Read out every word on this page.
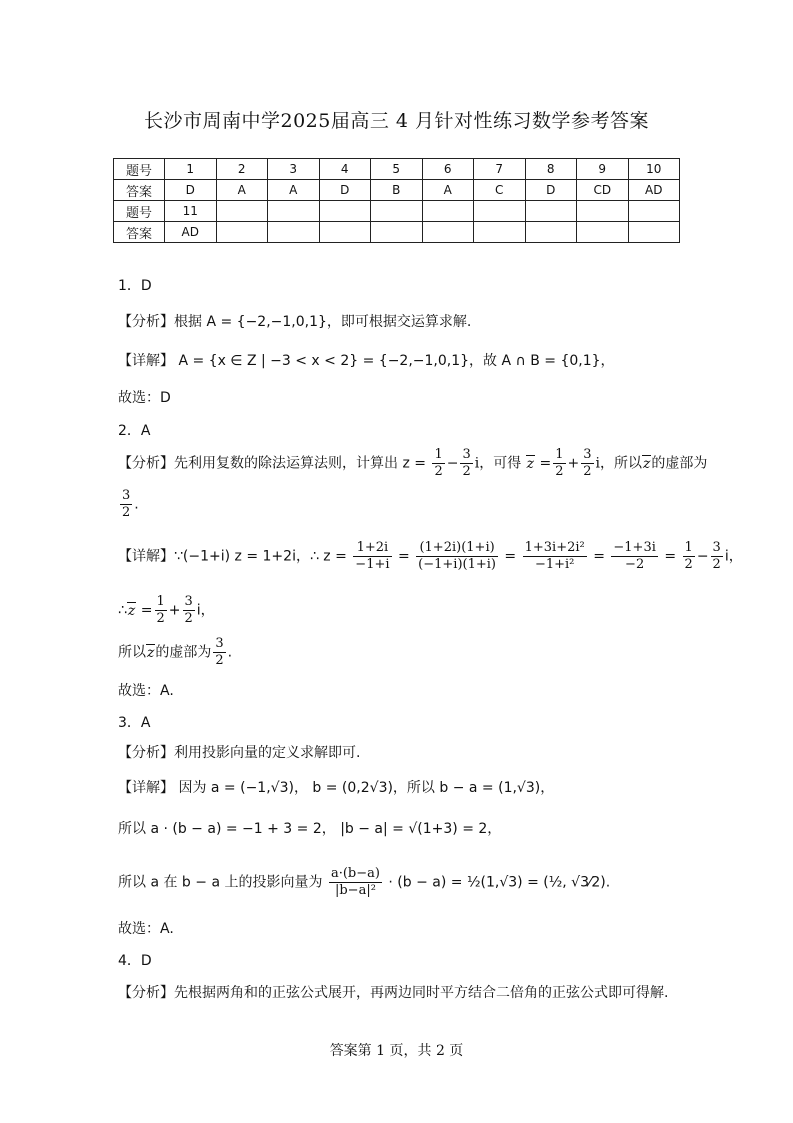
长沙市周南中学2025届高三 4 月针对性练习数学参考答案
题号	1	2	3	4	5	6	7	8	9	10
答案	D	A	A	D	B	A	C	D	CD	AD
题号	11									
答案	AD									
1．D
【分析】根据 A = {−2,−1,0,1}，即可根据交运算求解.
【详解】 A = {x ∈ Z | −3 < x < 2} = {−2,−1,0,1}，故 A ∩ B = {0,1}，
故选：D
2．A
【分析】先利用复数的除法运算法则，计算出 $z = \frac{1}{2} - \frac{3}{2}$ i，可得 $z = \frac{1}{2} + \frac{3}{2}$ i，所以z的虚部为
$\frac{3}{2}$ .
【详解】∵(−1+i) z = 1+2i，∴ $z = \frac{1+2i}{-1+i} = \frac{(1+2i)(1+i)}{(-1+i)(1+i)} = \frac{\text{1+3i+2i²}}{\text{−1+i²}} = \frac{-1+3i}{-2} = \frac{1}{2} - \frac{3}{2}$ i，
∴z = $\frac{1}{2} + \frac{3}{2}$ i，
所以z的虚部为 $\frac{3}{2}$ .
故选：A.
3．A
【分析】利用投影向量的定义求解即可.
【详解】 因为 a = (−1,√3)， b = (0,2√3)，所以 b − a = (1,√3)，
所以 a · (b − a) = −1 + 3 = 2， |b − a| = √(1+3) = 2，
所以 a 在 b − a 上的投影向量为 $\frac{a\cdot(b-a)}{\text{|b−a|²}} \cdot (b - a)$ = ½(1,√3) = (½, √3⁄2).
故选：A.
4．D
【分析】先根据两角和的正弦公式展开，再两边同时平方结合二倍角的正弦公式即可得解.
答案第 1 页，共 2 页
